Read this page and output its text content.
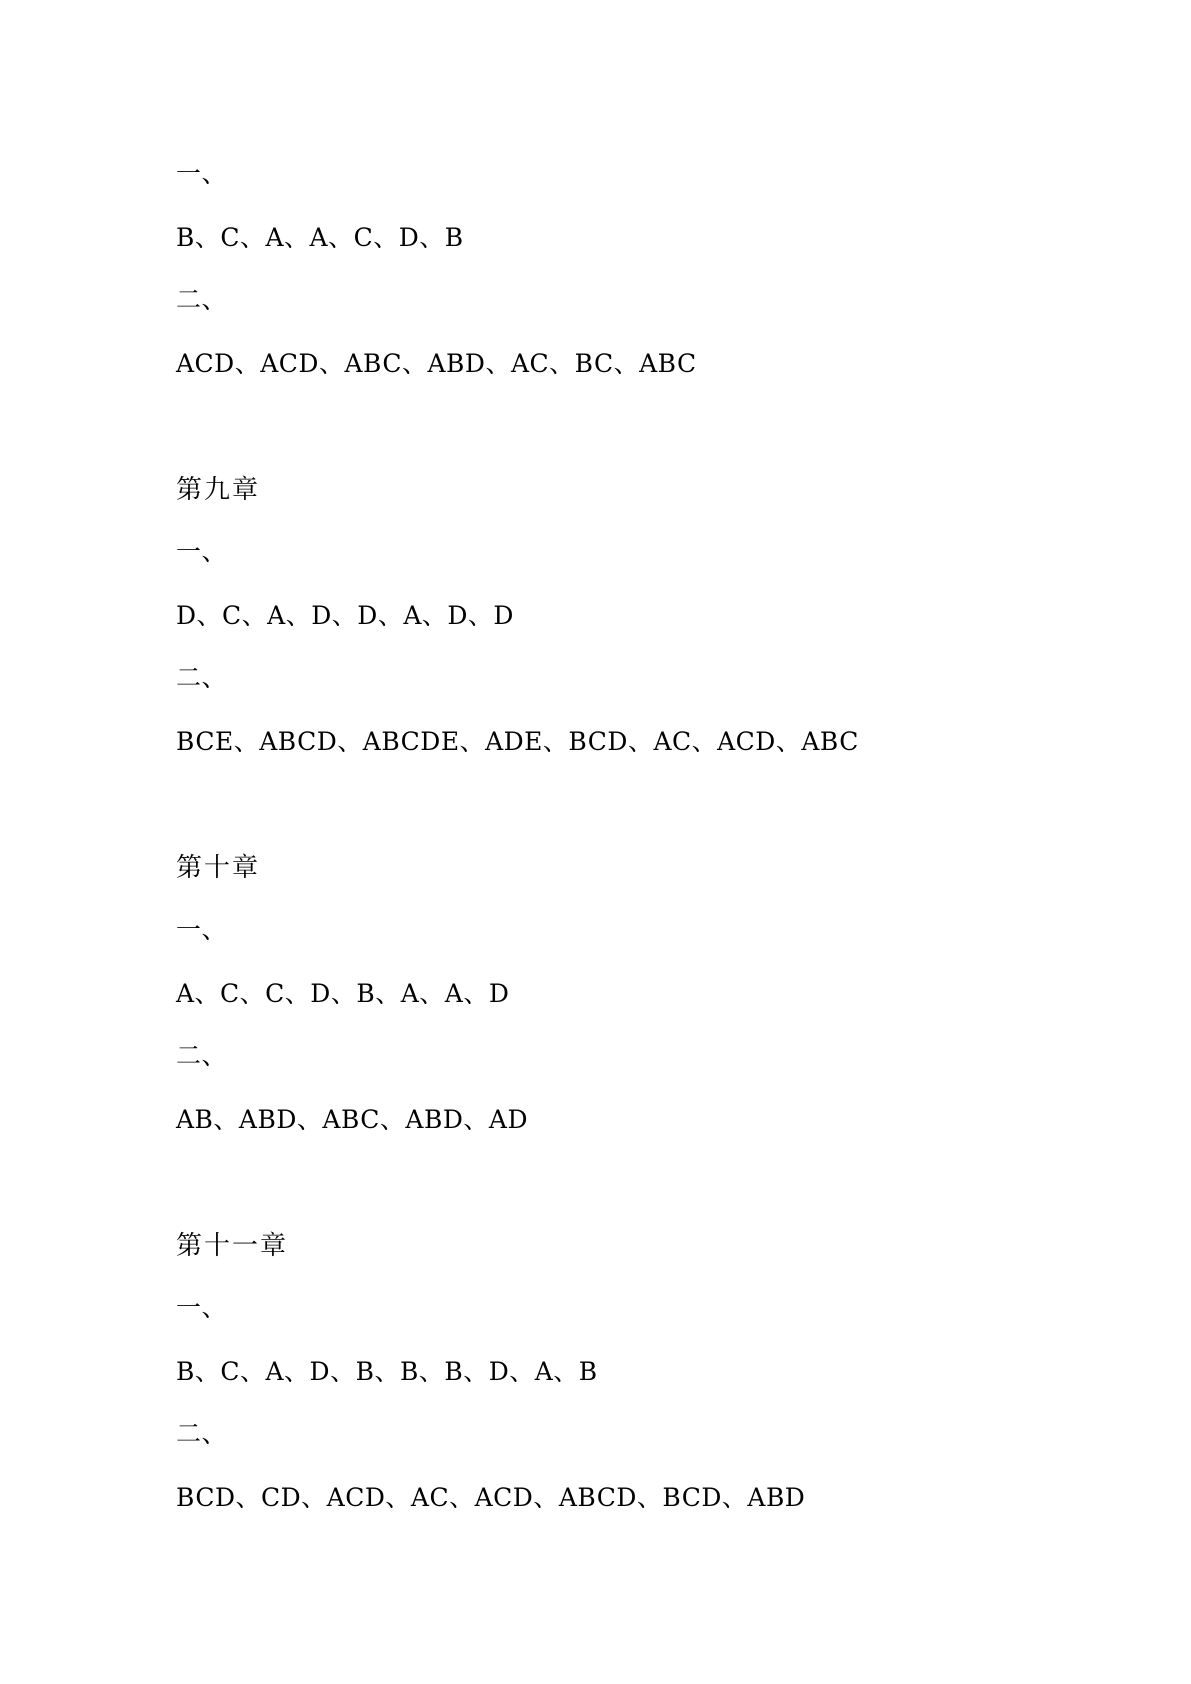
一、
B、C、A、A、C、D、B
二、
ACD、ACD、ABC、ABD、AC、BC、ABC
第九章
一、
D、C、A、D、D、A、D、D
二、
BCE、ABCD、ABCDE、ADE、BCD、AC、ACD、ABC
第十章
一、
A、C、C、D、B、A、A、D
二、
AB、ABD、ABC、ABD、AD
第十一章
一、
B、C、A、D、B、B、B、D、A、B
二、
BCD、CD、ACD、AC、ACD、ABCD、BCD、ABD
